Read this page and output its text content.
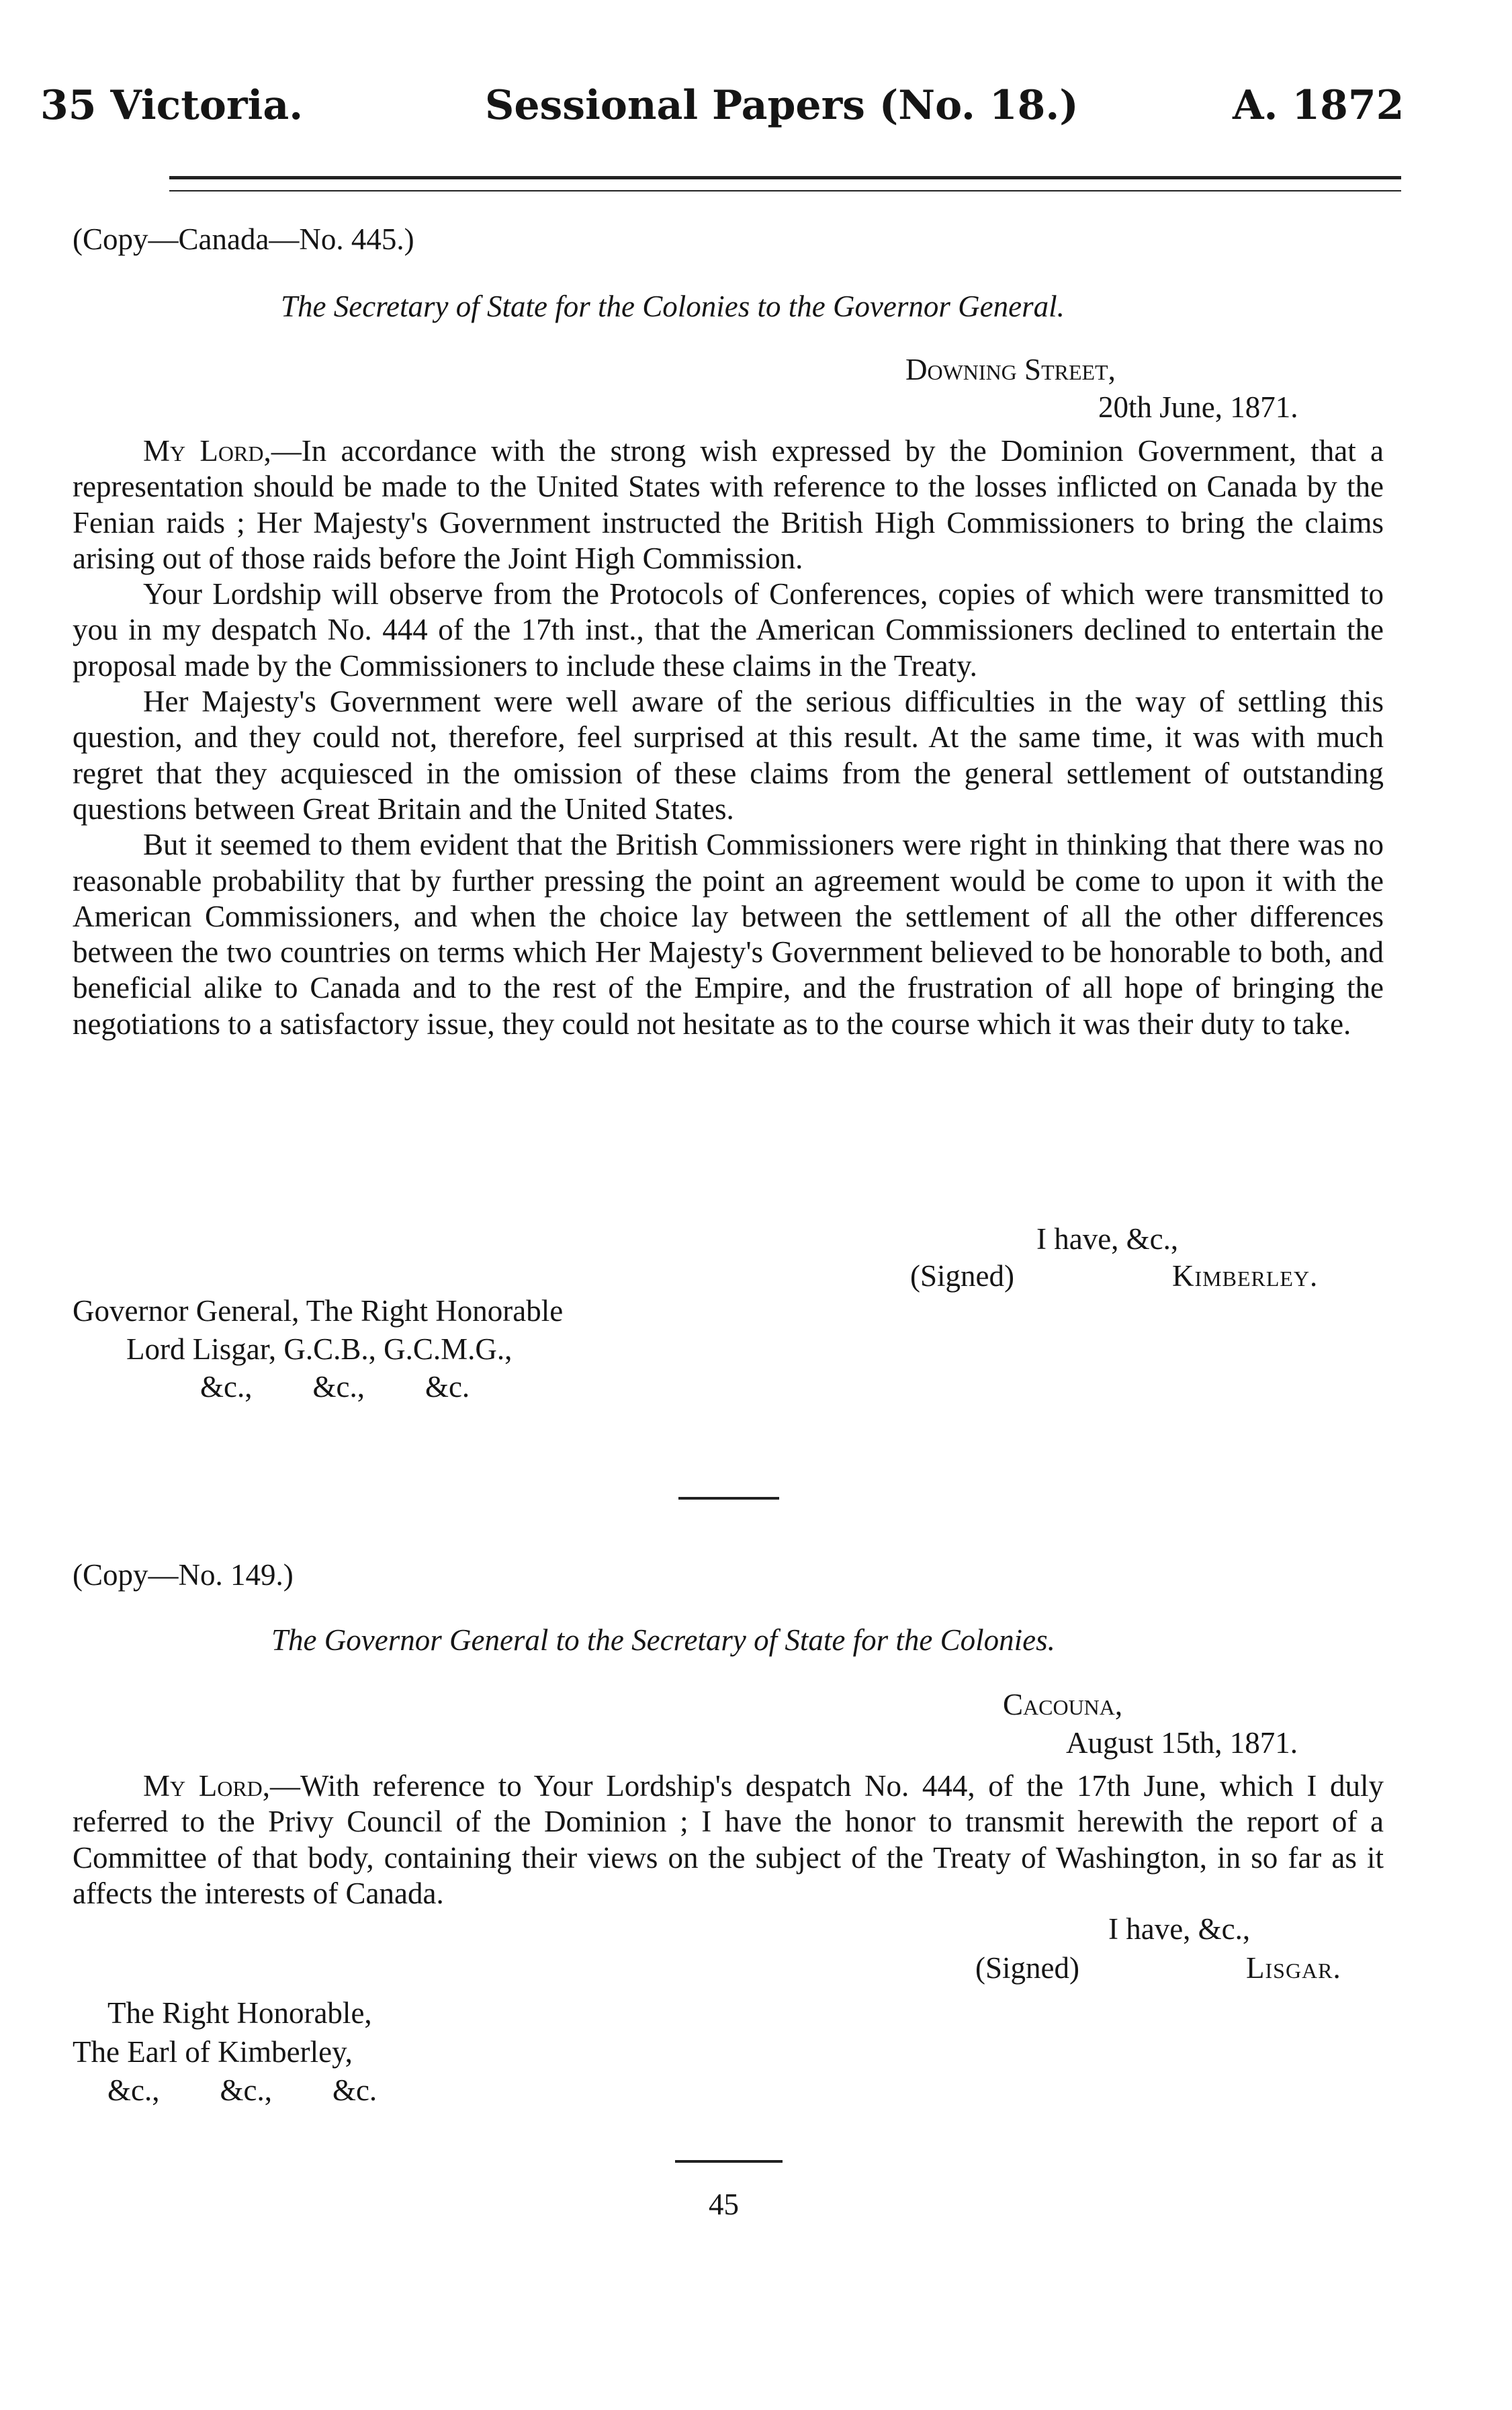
35 Victoria.	Sessional Papers (No. 18.)	A. 1872
(Copy—Canada—No. 445.)
The Secretary of State for the Colonies to the Governor General.
Downing Street,
20th June, 1871.

My Lord,—In accordance with the strong wish expressed by the Dominion Government, that a representation should be made to the United States with reference to the losses inflicted on Canada by the Fenian raids ; Her Majesty's Government instructed the British High Commissioners to bring the claims arising out of those raids before the Joint High Commission.

Your Lordship will observe from the Protocols of Conferences, copies of which were transmitted to you in my despatch No. 444 of the 17th inst., that the American Commissioners declined to entertain the proposal made by the Commissioners to include these claims in the Treaty.

Her Majesty's Government were well aware of the serious difficulties in the way of settling this question, and they could not, therefore, feel surprised at this result. At the same time, it was with much regret that they acquiesced in the omission of these claims from the general settlement of outstanding questions between Great Britain and the United States.

But it seemed to them evident that the British Commissioners were right in thinking that there was no reasonable probability that by further pressing the point an agreement would be come to upon it with the American Commissioners, and when the choice lay between the settlement of all the other differences between the two countries on terms which Her Majesty's Government believed to be honorable to both, and beneficial alike to Canada and to the rest of the Empire, and the frustration of all hope of bringing the negotiations to a satisfactory issue, they could not hesitate as to the course which it was their duty to take.

I have, &c.,
(Signed)	Kimberley.
Governor General, The Right Honorable
Lord Lisgar, G.C.B., G.C.M.G.,
&c.,        &c.,        &c.
(Copy—No. 149.)
The Governor General to the Secretary of State for the Colonies.
Cacouna,
August 15th, 1871.

My Lord,—With reference to Your Lordship's despatch No. 444, of the 17th June, which I duly referred to the Privy Council of the Dominion ; I have the honor to transmit herewith the report of a Committee of that body, containing their views on the subject of the Treaty of Washington, in so far as it affects the interests of Canada.

I have, &c.,
(Signed)	Lisgar.
The Right Honorable,
The Earl of Kimberley,
&c.,        &c.,        &c.
45
